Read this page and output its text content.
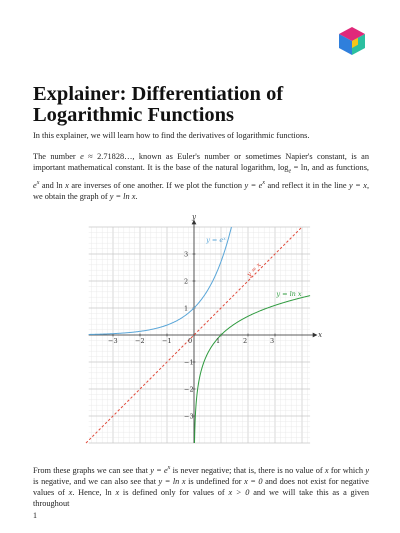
Explainer: Differentiation of Logarithmic Functions

In this explainer, we will learn how to find the derivatives of logarithmic functions.

The number e ≈ 2.71828…, known as Euler's number or sometimes Napier's constant, is an important mathematical constant. It is the base of the natural logarithm, $\log_e = \ln$, and as functions, $e^x$ and ln x are inverses of one another. If we plot the function $y = e^x$ and reflect it in the line y = x, we obtain the graph of y = ln x.

−3	−2	−1	0	1	2	3
3
2
1
−1
−2
−3
x
y
$y = e^x$
y = x
y = ln x

From these graphs we can see that $y = e^x$ is never negative; that is, there is no value of x for which y is negative, and we can also see that y = ln x is undefined for x = 0 and does not exist for negative values of x. Hence, ln x is defined only for values of x > 0 and we will take this as a given throughout

1
